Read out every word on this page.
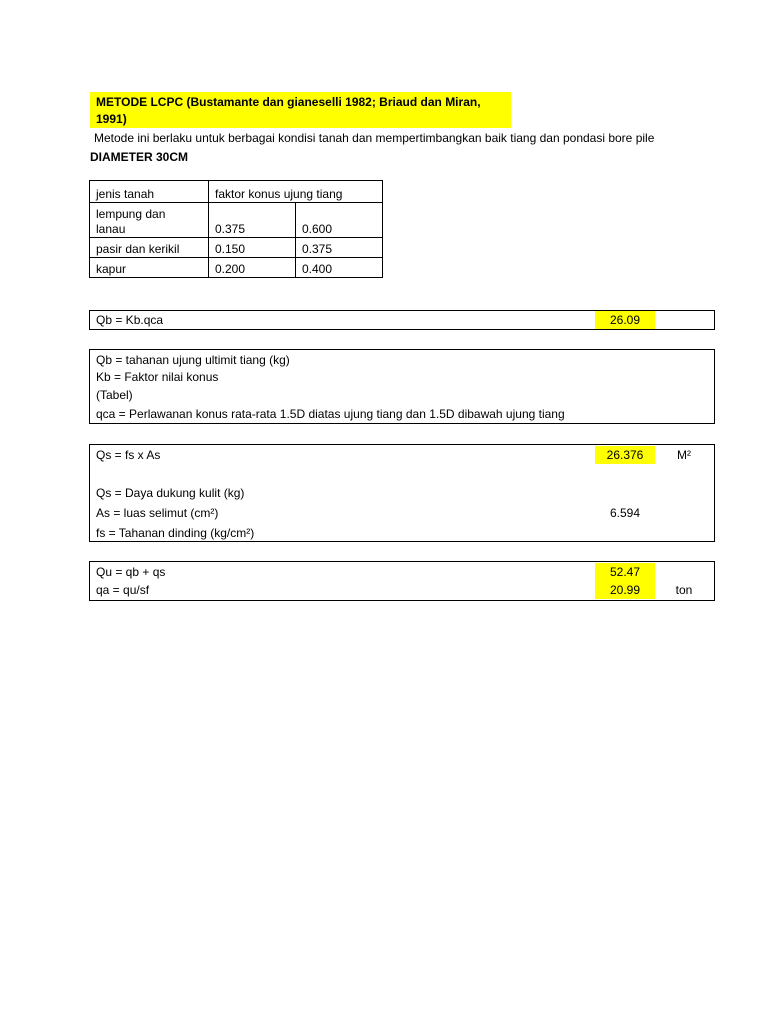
METODE LCPC (Bustamante dan gianeselli 1982; Briaud dan Miran,
1991)
Metode ini berlaku untuk berbagai kondisi tanah dan mempertimbangkan baik tiang dan pondasi bore pile
DIAMETER 30CM
jenis tanah	faktor konus ujung tiang	

lempung dan
lanau	0.375	0.600
pasir dan kerikil	0.150	0.375
kapur	0.200	0.400
Qb = Kb.qca	26.09
Qb = tahanan ujung ultimit tiang (kg)
Kb = Faktor nilai konus
(Tabel)
qca = Perlawanan konus rata-rata 1.5D diatas ujung tiang dan 1.5D dibawah ujung tiang
Qs = fs x As	26.376	M²
Qs = Daya dukung kulit (kg)
As = luas selimut (cm²)	6.594
fs = Tahanan dinding (kg/cm²)
Qu = qb + qs	52.47
qa = qu/sf	20.99	ton
